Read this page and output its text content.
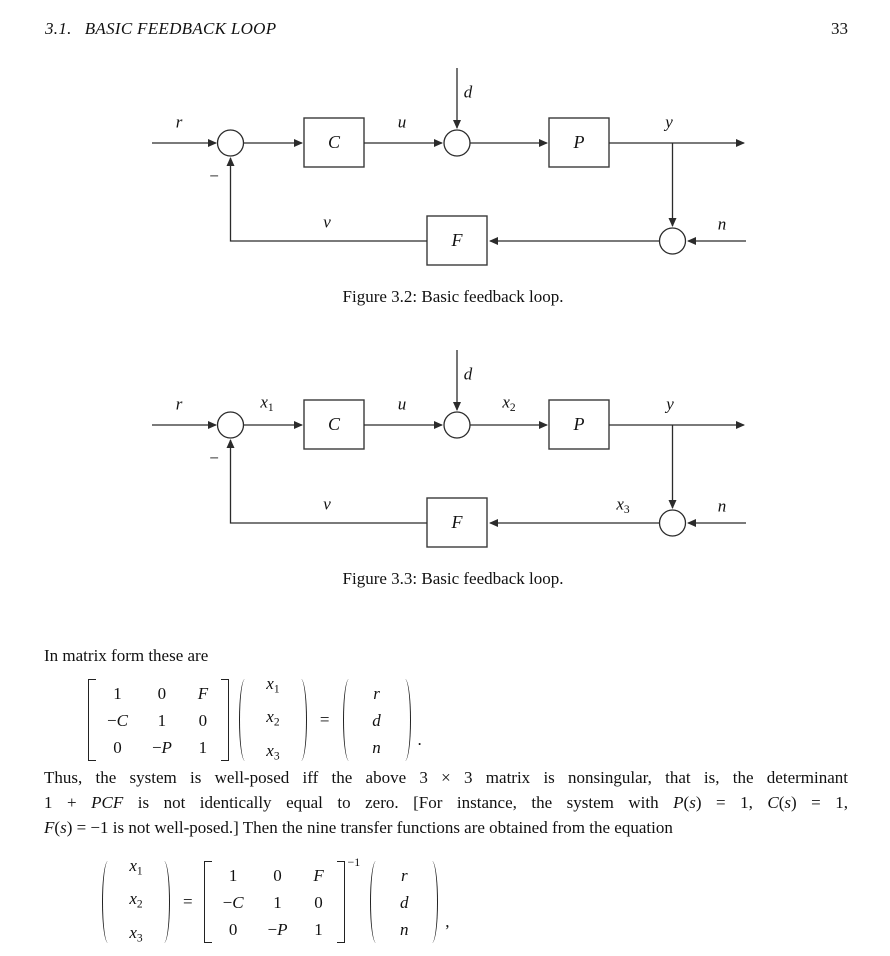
3.1. BASIC FEEDBACK LOOP	33
r	u
d
y
n
v
−
C	P
F
Figure 3.2: Basic feedback loop.
r	$x_1$	u
d
$x_2$	y
$x_3$	n
v
−
C	P
F
Figure 3.3: Basic feedback loop.
In matrix form these are
1 0 F
−C 1 0
0 −P 1
$x_1$
$x_2$
$x_3$
=
r
d
n .
Thus, the system is well-posed iff the above 3 × 3 matrix is nonsingular, that is, the determinant
1 + PCF is not identically equal to zero. [For instance, the system with P(s) = 1, C(s) = 1,
F(s) = −1 is not well-posed.] Then the nine transfer functions are obtained from the equation
$x_1$
$x_2$
$x_3$
=
1 0 F
−C 1 0
0 −P 1
−1
r
d
n ,
